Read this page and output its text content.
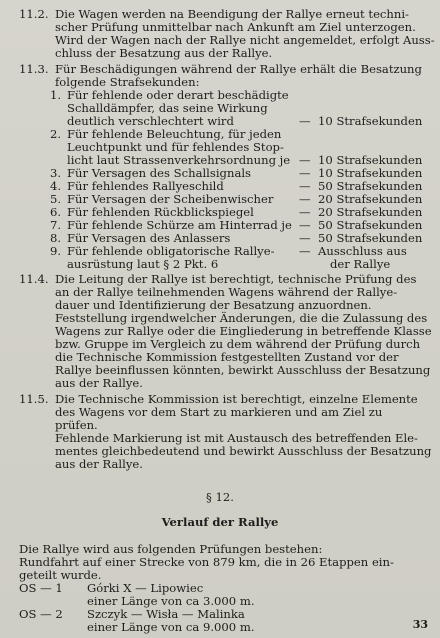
11.2. Die Wagen werden na Beendigung der Rallye erneut techni-
scher Prüfung unmittelbar nach Ankunft am Ziel unterzogen.
Wird der Wagen nach der Rallye nicht angemeldet, erfolgt Auss-
chluss der Besatzung aus der Rallye.
11.3. Für Beschädigungen während der Rallye erhält die Besatzung
folgende Strafsekunden:
1. Für fehlende oder derart beschädigte
Schalldämpfer, das seine Wirkung
deutlich verschlechtert wird	— 10 Strafsekunden
2. Für fehlende Beleuchtung, für jeden
Leuchtpunkt und für fehlendes Stop-
licht laut Strassenverkehrsordnung je — 10 Strafsekunden
3. Für Versagen des Schallsignals	— 10 Strafsekunden
4. Für fehlendes Rallyeschild	— 50 Strafsekunden
5. Für Versagen der Scheibenwischer — 20 Strafsekunden
6. Für fehlenden Rückblickspiegel	— 20 Strafsekunden
7. Für fehlende Schürze am Hinterrad je — 50 Strafsekunden
8. Für Versagen des Anlassers	— 50 Strafsekunden
9. Für fehlende obligatorische Rallye-
ausrüstung laut § 2 Pkt. 6
— Ausschluss aus
der Rallye
11.4. Die Leitung der Rallye ist berechtigt, technische Prüfung des
an der Rallye teilnehmenden Wagens während der Rallye-
dauer und Identifizierung der Besatzung anzuordnen.
Feststellung irgendwelcher Änderungen, die die Zulassung des
Wagens zur Rallye oder die Eingliederung in betreffende Klasse
bzw. Gruppe im Vergleich zu dem während der Prüfung durch
die Technische Kommission festgestellten Zustand vor der
Rallye beeinflussen könnten, bewirkt Ausschluss der Besatzung
aus der Rallye.
11.5. Die Technische Kommission ist berechtigt, einzelne Elemente
des Wagens vor dem Start zu markieren und am Ziel zu
prüfen.
Fehlende Markierung ist mit Austausch des betreffenden Ele-
mentes gleichbedeutend und bewirkt Ausschluss der Besatzung
aus der Rallye.
§ 12.
Verlauf der Rallye
Die Rallye wird aus folgenden Prüfungen bestehen:
Rundfahrt auf einer Strecke von 879 km, die in 26 Etappen ein-
geteilt wurde.
OS — 1 Górki X — Lipowiec
einer Länge von ca 3.000 m.
OS — 2 Szczyk — Wisła — Malinka
einer Länge von ca 9.000 m.	33
